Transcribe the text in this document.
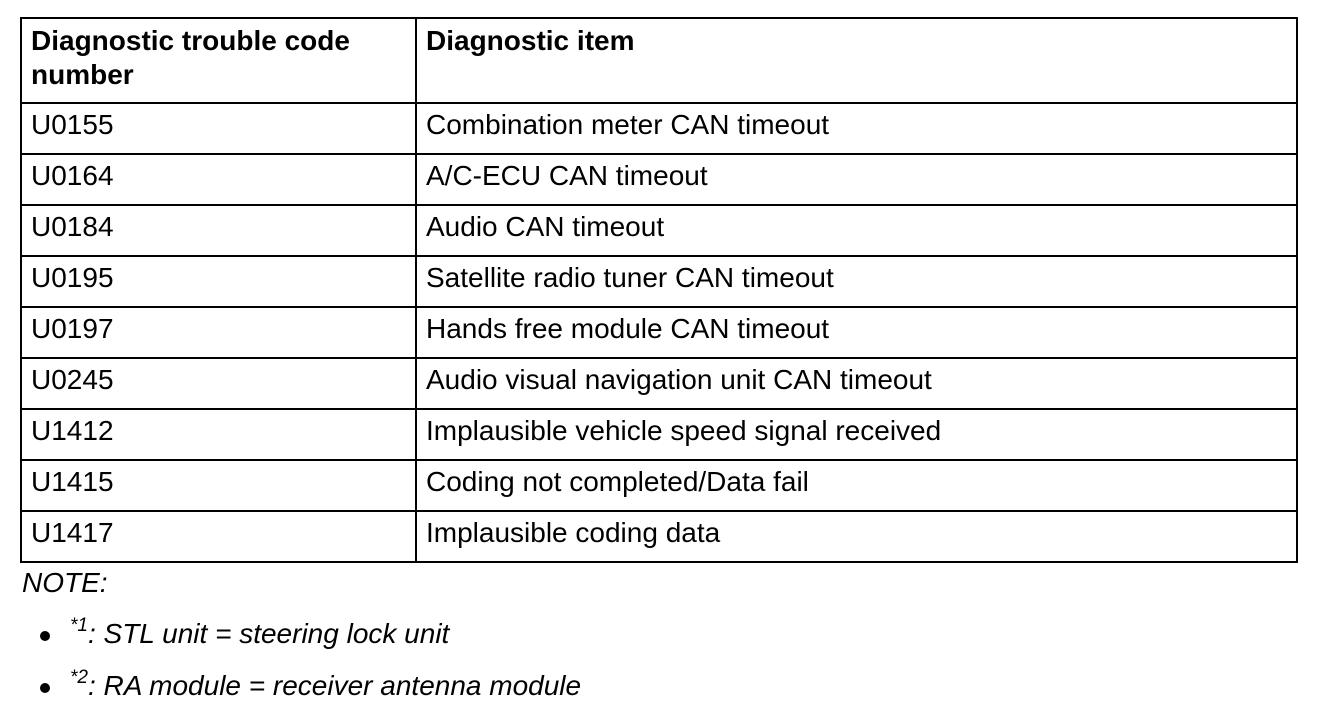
Diagnostic trouble code number	Diagnostic item
U0155	Combination meter CAN timeout
U0164	A/C-ECU CAN timeout
U0184	Audio CAN timeout
U0195	Satellite radio tuner CAN timeout
U0197	Hands free module CAN timeout
U0245	Audio visual navigation unit CAN timeout
U1412	Implausible vehicle speed signal received
U1415	Coding not completed/Data fail
U1417	Implausible coding data
NOTE:
$^{*1}$: STL unit = steering lock unit
$^{*2}$: RA module = receiver antenna module
